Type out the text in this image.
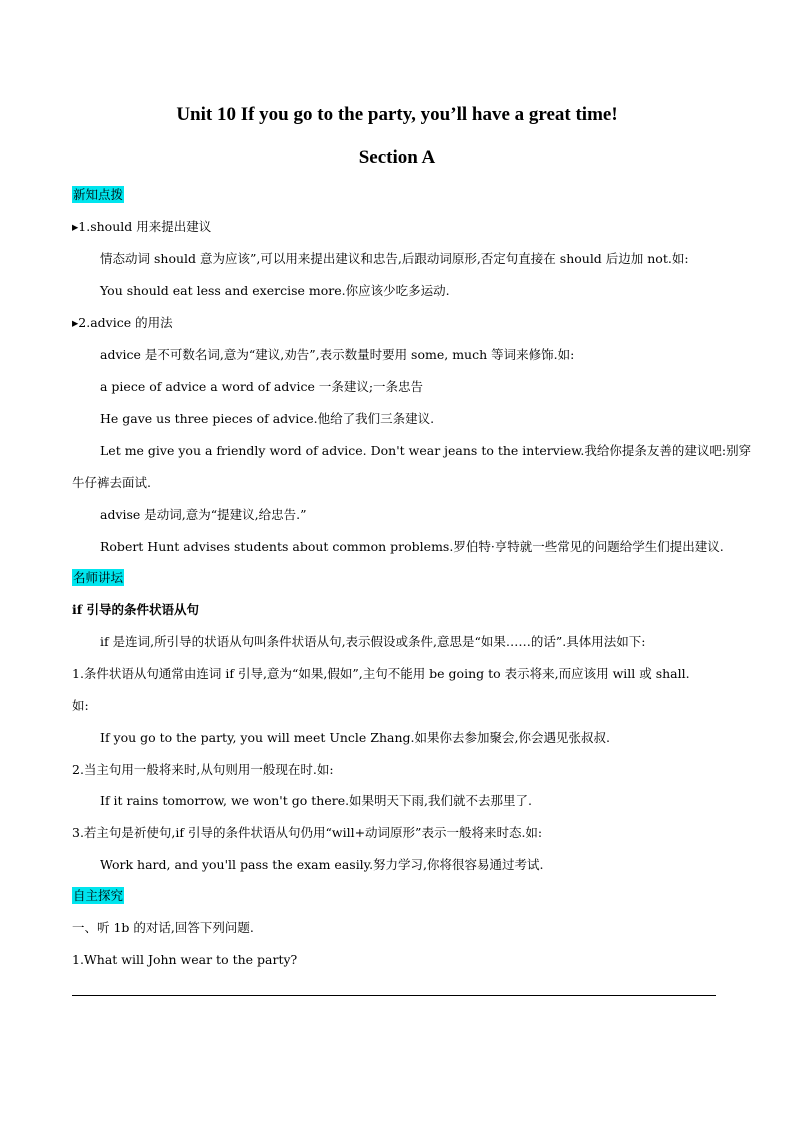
Unit 10 If you go to the party, you’ll have a great time!
Section A
新知点拨
▸1.should 用来提出建议
情态动词 should 意为应该”,可以用来提出建议和忠告,后跟动词原形,否定句直接在 should 后边加 not.如:
You should eat less and exercise more.你应该少吃多运动.
▸2.advice 的用法
advice 是不可数名词,意为“建议,劝告”,表示数量时要用 some, much 等词来修饰.如:
a piece of advice a word of advice 一条建议;一条忠告
He gave us three pieces of advice.他给了我们三条建议.
Let me give you a friendly word of advice. Don't wear jeans to the interview.我给你提条友善的建议吧:别穿
牛仔裤去面试.
advise 是动词,意为“提建议,给忠告.”
Robert Hunt advises students about common problems.罗伯特·亨特就一些常见的问题给学生们提出建议.
名师讲坛
if 引导的条件状语从句
if 是连词,所引导的状语从句叫条件状语从句,表示假设或条件,意思是“如果……的话”.具体用法如下:
1.条件状语从句通常由连词 if 引导,意为“如果,假如”,主句不能用 be going to 表示将来,而应该用 will 或 shall.
如:
If you go to the party, you will meet Uncle Zhang.如果你去参加聚会,你会遇见张叔叔.
2.当主句用一般将来时,从句则用一般现在时.如:
If it rains tomorrow, we won't go there.如果明天下雨,我们就不去那里了.
3.若主句是祈使句,if 引导的条件状语从句仍用“will+动词原形”表示一般将来时态.如:
Work hard, and you'll pass the exam easily.努力学习,你将很容易通过考试.
自主探究
一、听 1b 的对话,回答下列问题.
1.What will John wear to the party?
